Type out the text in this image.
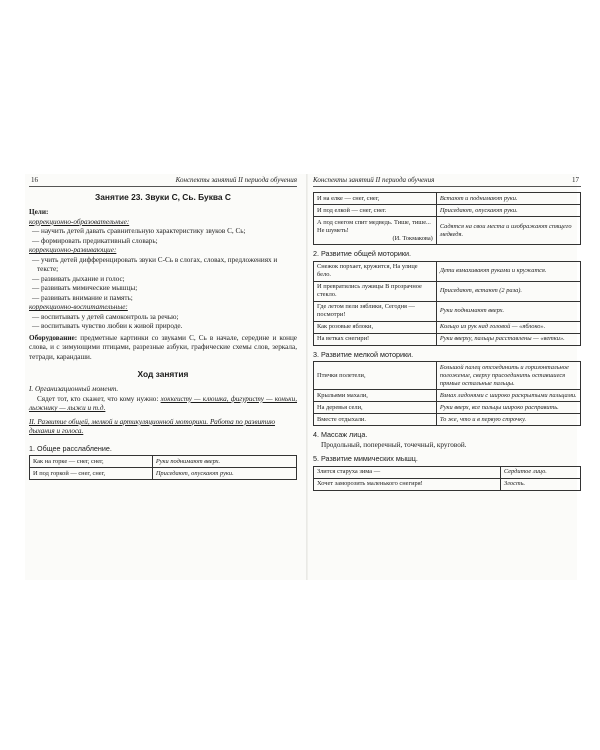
16	Конспекты занятий II периода обучения
Занятие 23. Звуки С, Сь. Буква С

Цели:

коррекционно-образовательные:

— научить детей давать сравнительную характеристику звуков С, Сь;

— формировать предикативный словарь;

коррекционно-развивающие:

— учить детей дифференцировать звуки С-Сь в слогах, словах, предложениях и тексте;

— развивать дыхание и голос;

— развивать мимические мышцы;

— развивать внимание и память;

коррекционно-воспитательные:

— воспитывать у детей самоконтроль за речью;

— воспитывать чувство любви к живой природе.

Оборудование: предметные картинки со звуками С, Сь в начале, середине и конце слова, и с зимующими птицами, разрезные азбуки, графические схемы слов, зеркала, тетради, карандаши.

Ход занятия

I. Организационный момент.

Сядет тот, кто скажет, что кому нужно: хоккеисту — клюшка, фигуристу — коньки, лыжнику — лыжи и т.д.

II. Развитие общей, мелкой и артикуляционной моторики. Работа по развитию дыхания и голоса.

1. Общее расслабление.

Как на горке — снег, снег,	Руки поднимают вверх.
И под горкой — снег, снег,	Приседают, опускают руки.
Конспекты занятий II периода обучения	17
И на елке — снег, снег,	Встают и поднимают руки.
И под елкой — снег, снег.	Приседают, опускают руки.
А под снегом спит медведь. Тише, тише... Не шуметь!
(И. Токмакова)	Садятся на свои места и изображают спящего медведя.

2. Развитие общей моторики.

Снежок порхает, кружится, На улице бело.	Дети взмахивают руками и кружатся.
И превратились лужицы В прозрачное стекло.	Приседают, встают (2 раза).
Где летом пели зяблики, Сегодня — посмотри!	Руки поднимают вверх.
Как розовые яблоки,	Кольцо из рук над головой — «яблоко».
На ветках снегири!	Руки вверху, пальцы расставлены — «ветки».

3. Развитие мелкой моторики.

Птички полетели,	Большой палец отсоединить и горизонтальное положение, сверху присоединить оставшиеся прямые остальные пальцы.
Крыльями махали,	Взмах ладонями с широко раскрытыми пальцами.
На деревья сели,	Руки вверх, все пальцы широко расправить.
Вместе отдыхали.	То же, что и в первую строчку.

4. Массаж лица.

Продольный, поперечный, точечный, круговой.

5. Развитие мимических мышц.

Злится старуха зима —	Сердитое лицо.
Хочет заморозить маленького снегиря!	Злость.
